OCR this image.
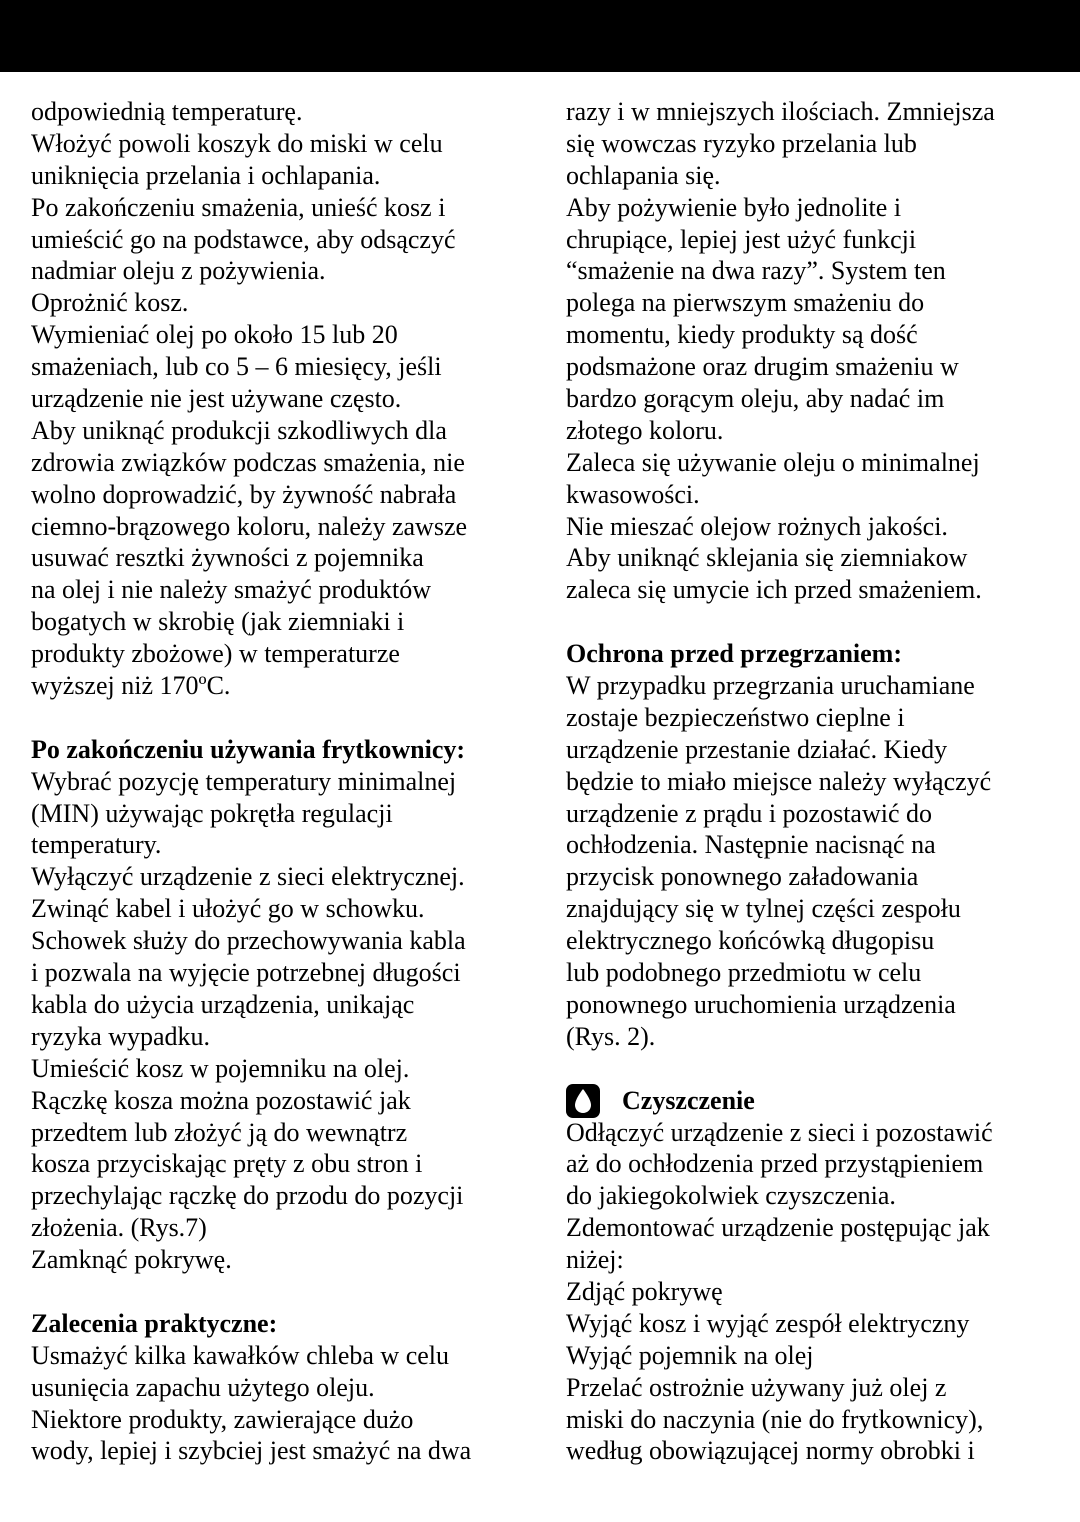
odpowiednią temperaturę.
Włożyć powoli koszyk do miski w celu
uniknięcia przelania i ochlapania.
Po zakończeniu smażenia, unieść kosz i
umieścić go na podstawce, aby odsączyć
nadmiar oleju z pożywienia.
Oprożnić kosz.
Wymieniać olej po około 15 lub 20
smażeniach, lub co 5 – 6 miesięcy, jeśli
urządzenie nie jest używane często.
Aby uniknąć produkcji szkodliwych dla
zdrowia związków podczas smażenia, nie
wolno doprowadzić, by żywność nabrała
ciemno-brązowego koloru, należy zawsze
usuwać resztki żywności z pojemnika
na olej i nie należy smażyć produktów
bogatych w skrobię (jak ziemniaki i
produkty zbożowe) w temperaturze
wyższej niż 170ºC.
Po zakończeniu używania frytkownicy:
Wybrać pozycję temperatury minimalnej
(MIN) używając pokrętła regulacji
temperatury.
Wyłączyć urządzenie z sieci elektrycznej.
Zwinąć kabel i ułożyć go w schowku.
Schowek służy do przechowywania kabla
i pozwala na wyjęcie potrzebnej długości
kabla do użycia urządzenia, unikając
ryzyka wypadku.
Umieścić kosz w pojemniku na olej.
Rączkę kosza można pozostawić jak
przedtem lub złożyć ją do wewnątrz
kosza przyciskając pręty z obu stron i
przechylając rączkę do przodu do pozycji
złożenia. (Rys.7)
Zamknąć pokrywę.
Zalecenia praktyczne:
Usmażyć kilka kawałków chleba w celu
usunięcia zapachu użytego oleju.
Niektore produkty, zawierające dużo
wody, lepiej i szybciej jest smażyć na dwa
razy i w mniejszych ilościach. Zmniejsza
się wowczas ryzyko przelania lub
ochlapania się.
Aby pożywienie było jednolite i
chrupiące, lepiej jest użyć funkcji
“smażenie na dwa razy”. System ten
polega na pierwszym smażeniu do
momentu, kiedy produkty są dość
podsmażone oraz drugim smażeniu w
bardzo gorącym oleju, aby nadać im
złotego koloru.
Zaleca się używanie oleju o minimalnej
kwasowości.
Nie mieszać olejow rożnych jakości.
Aby uniknąć sklejania się ziemniakow
zaleca się umycie ich przed smażeniem.
Ochrona przed przegrzaniem:
W przypadku przegrzania uruchamiane
zostaje bezpieczeństwo cieplne i
urządzenie przestanie działać. Kiedy
będzie to miało miejsce należy wyłączyć
urządzenie z prądu i pozostawić do
ochłodzenia. Następnie nacisnąć na
przycisk ponownego załadowania
znajdujący się w tylnej części zespołu
elektrycznego końcówką długopisu
lub podobnego przedmiotu w celu
ponownego uruchomienia urządzenia
(Rys. 2).
Czyszczenie
Odłączyć urządzenie z sieci i pozostawić
aż do ochłodzenia przed przystąpieniem
do jakiegokolwiek czyszczenia.
Zdemontować urządzenie postępując jak
niżej:
Zdjąć pokrywę
Wyjąć kosz i wyjąć zespół elektryczny
Wyjąć pojemnik na olej
Przelać ostrożnie używany już olej z
miski do naczynia (nie do frytkownicy),
według obowiązującej normy obrobki i
